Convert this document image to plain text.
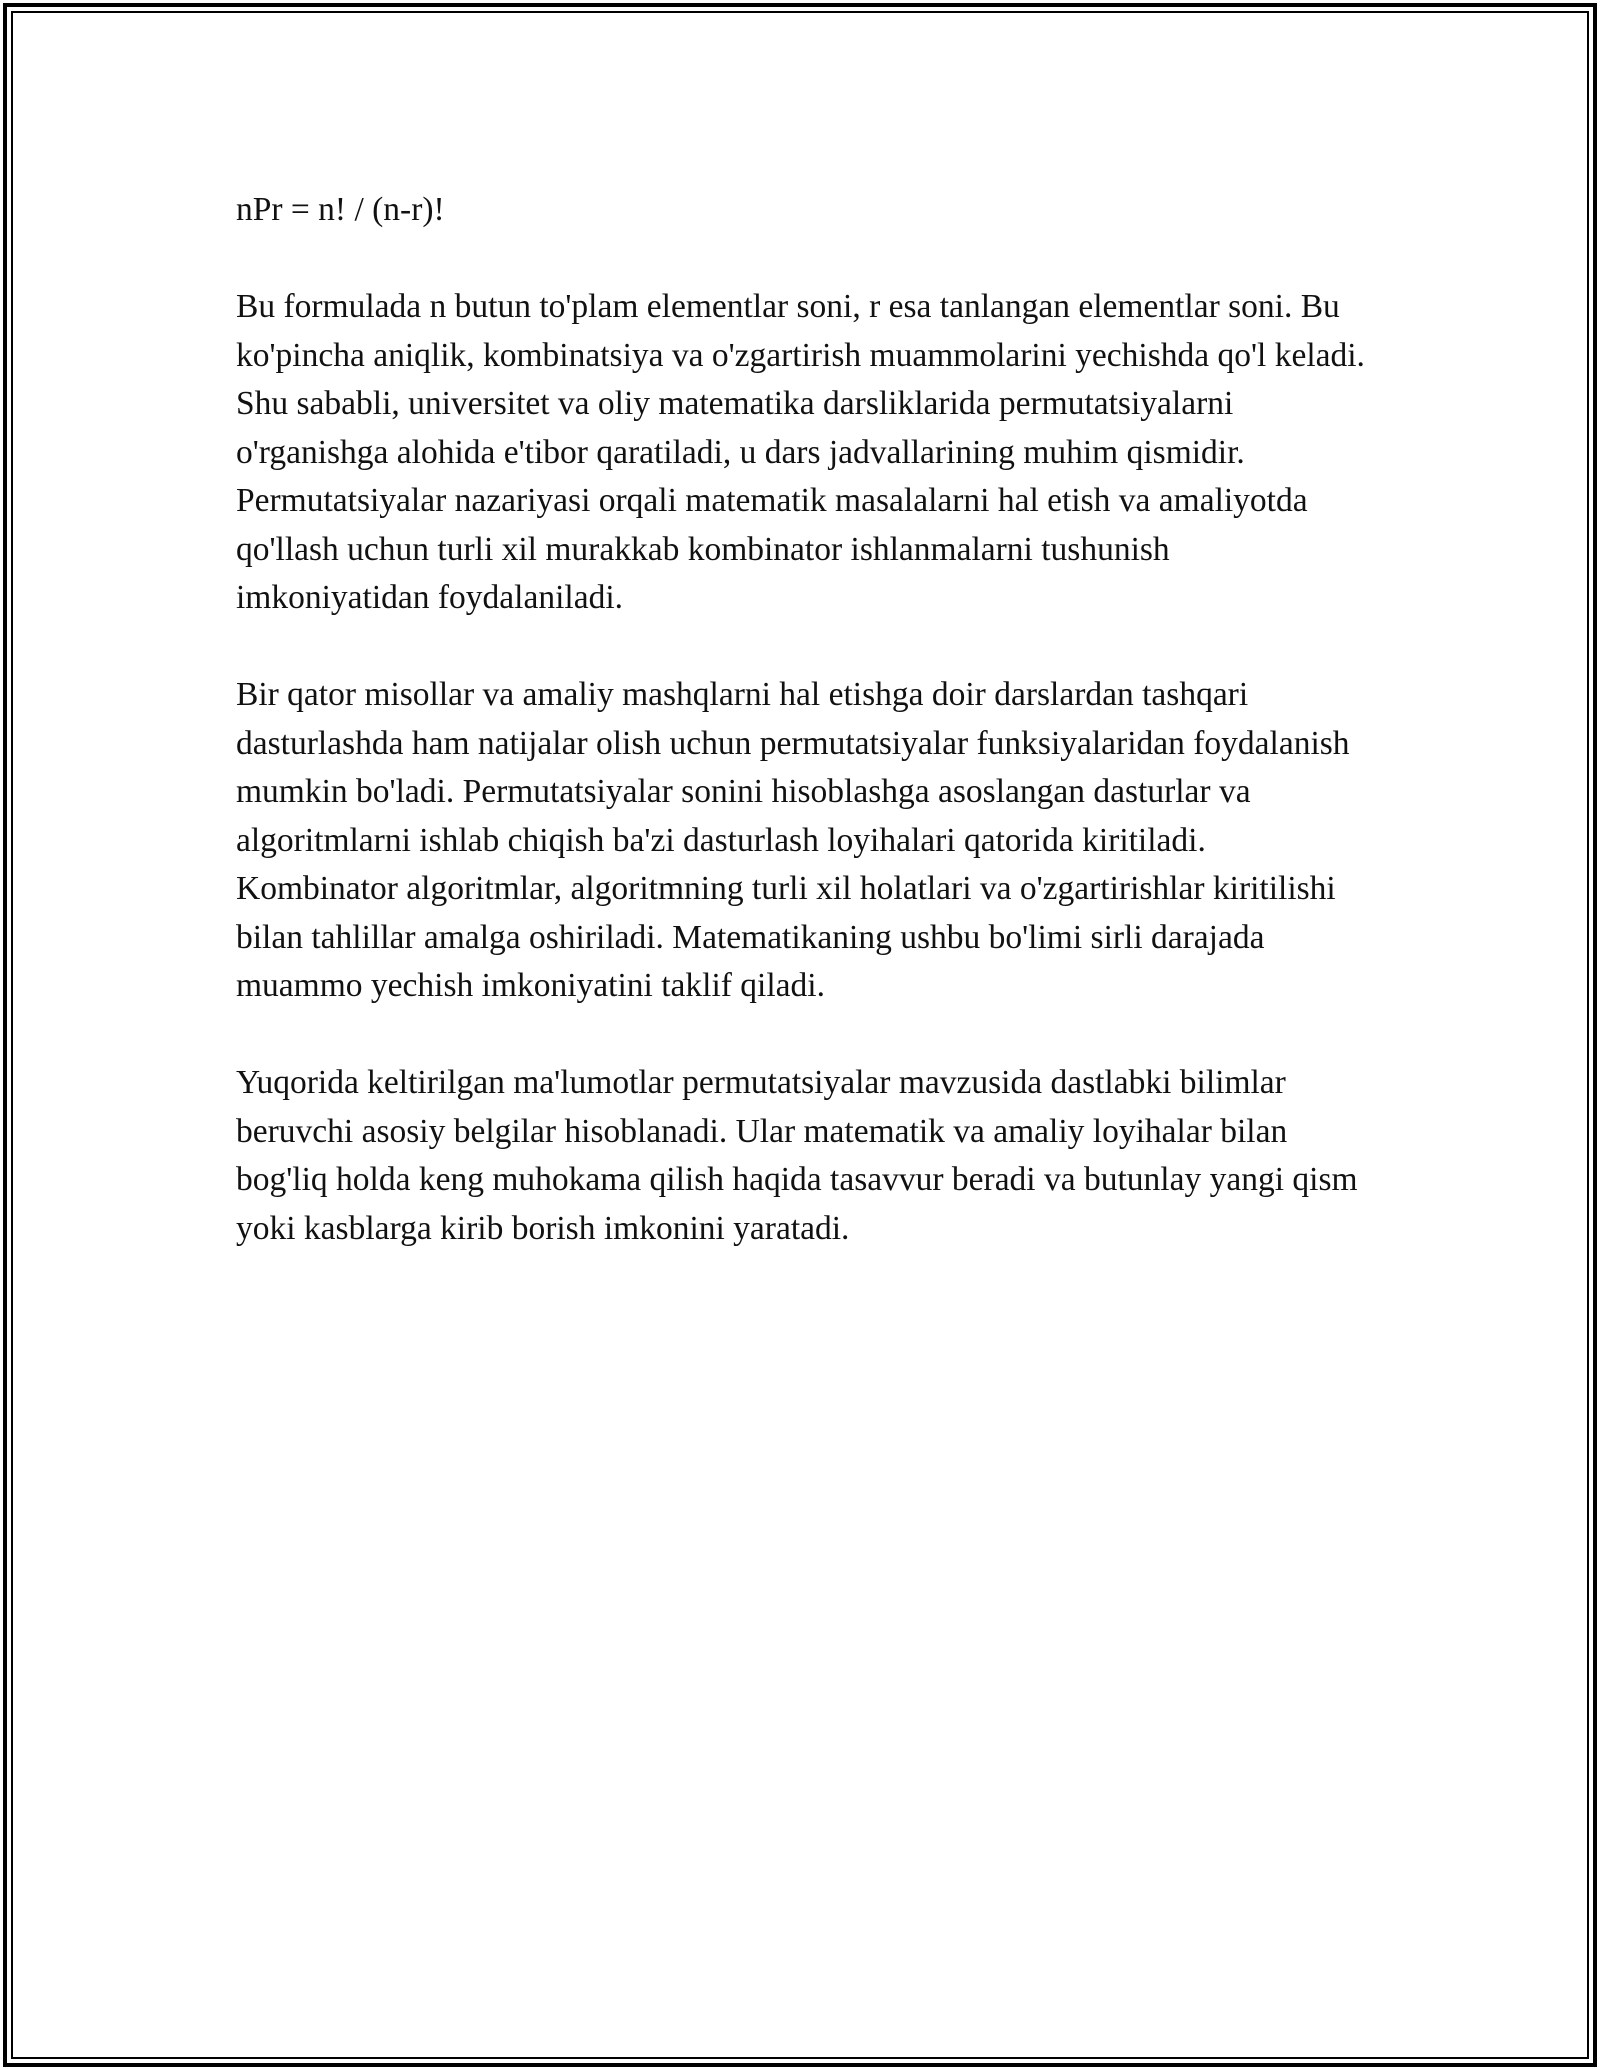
nPr = n! / (n-r)!

Bu formulada n butun to'plam elementlar soni, r esa tanlangan elementlar soni. Bu ko'pincha aniqlik, kombinatsiya va o'zgartirish muammolarini yechishda qo'l keladi. Shu sababli, universitet va oliy matematika darsliklarida permutatsiyalarni o'rganishga alohida e'tibor qaratiladi, u dars jadvallarining muhim qismidir. Permutatsiyalar nazariyasi orqali matematik masalalarni hal etish va amaliyotda qo'llash uchun turli xil murakkab kombinator ishlanmalarni tushunish imkoniyatidan foydalaniladi.

Bir qator misollar va amaliy mashqlarni hal etishga doir darslardan tashqari dasturlashda ham natijalar olish uchun permutatsiyalar funksiyalaridan foydalanish mumkin bo'ladi. Permutatsiyalar sonini hisoblashga asoslangan dasturlar va algoritmlarni ishlab chiqish ba'zi dasturlash loyihalari qatorida kiritiladi. Kombinator algoritmlar, algoritmning turli xil holatlari va o'zgartirishlar kiritilishi bilan tahlillar amalga oshiriladi. Matematikaning ushbu bo'limi sirli darajada muammo yechish imkoniyatini taklif qiladi.

Yuqorida keltirilgan ma'lumotlar permutatsiyalar mavzusida dastlabki bilimlar beruvchi asosiy belgilar hisoblanadi. Ular matematik va amaliy loyihalar bilan bog'liq holda keng muhokama qilish haqida tasavvur beradi va butunlay yangi qism yoki kasblarga kirib borish imkonini yaratadi.
